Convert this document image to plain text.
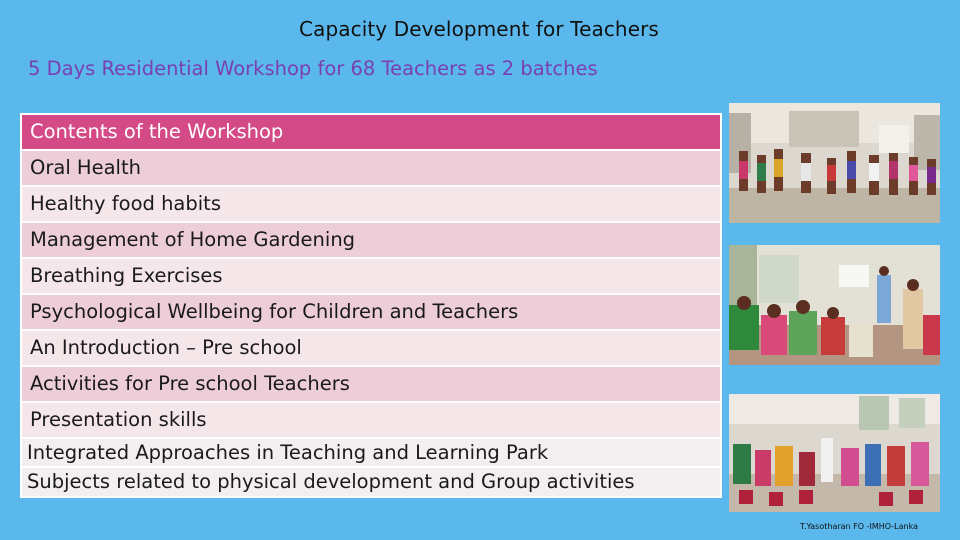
Capacity Development for Teachers
5 Days Residential Workshop for 68 Teachers as 2 batches
Contents of the Workshop
Oral Health
Healthy food habits
Management of Home Gardening
Breathing Exercises
Psychological Wellbeing for Children and Teachers
An Introduction – Pre school
Activities for Pre school Teachers
Presentation skills
Integrated Approaches in Teaching and Learning Park
Subjects related to physical development and Group activities
T.Yasotharan FO -IMHO-Lanka
